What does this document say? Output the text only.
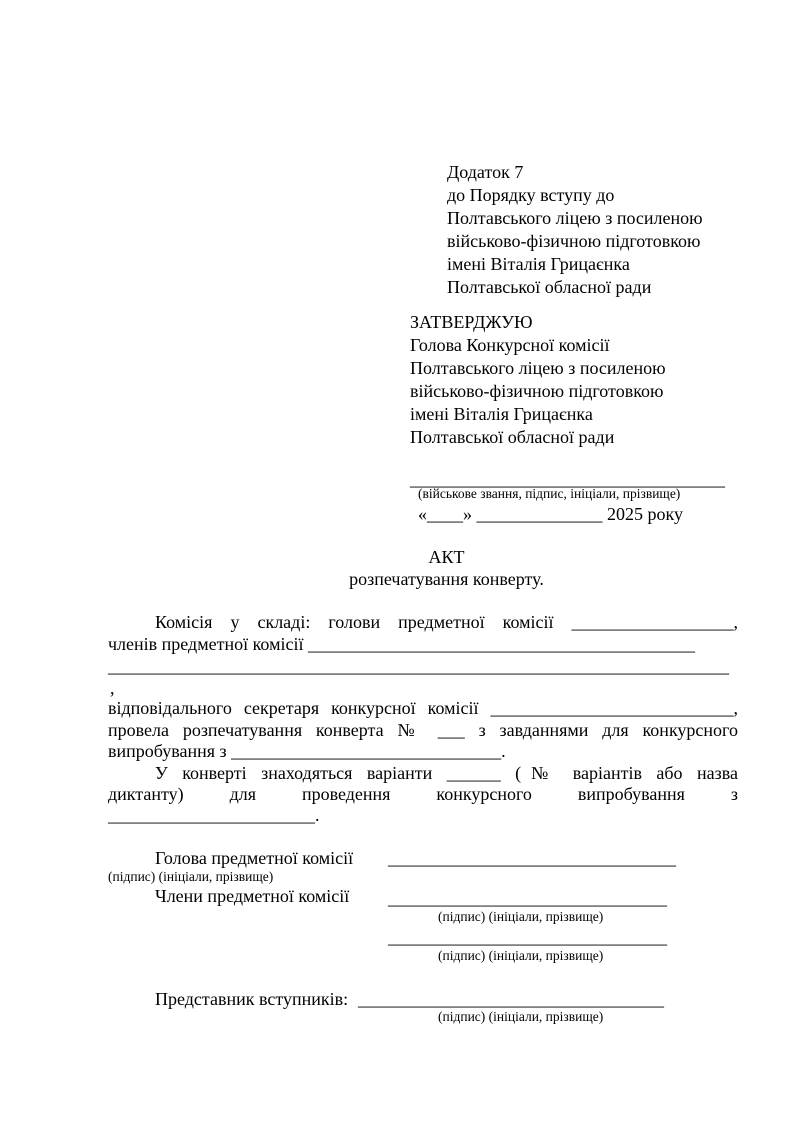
Додаток 7
до Порядку вступу до
Полтавського ліцею з посиленою
військово-фізичною підготовкою
імені Віталія Грицаєнка
Полтавської обласної ради
ЗАТВЕРДЖУЮ
Голова Конкурсної комісії
Полтавського ліцею з посиленою
військово-фізичною підготовкою
імені Віталія Грицаєнка
Полтавської обласної ради
___________________________________
(військове звання, підпис, ініціали, прізвище)
«____» ______________ 2025 року
АКТ
розпечатування конверту.
Комісія у складі: голови предметної комісії __________________,
членів предметної комісії ___________________________________________
_____________________________________________________________________
,
відповідального секретаря конкурсної комісії ___________________________,
провела розпечатування конверта № ___ з завданнями для конкурсного
випробування з ______________________________.
У конверті знаходяться варіанти ______ (№ варіантів або назва
диктанту) для проведення конкурсного випробування з
_______________________.
Голова предметної комісії ________________________________
(підпис) (ініціали, прізвище)
Члени предметної комісії _______________________________
(підпис) (ініціали, прізвище)
_______________________________
(підпис) (ініціали, прізвище)
Представник вступників: __________________________________
(підпис) (ініціали, прізвище)
